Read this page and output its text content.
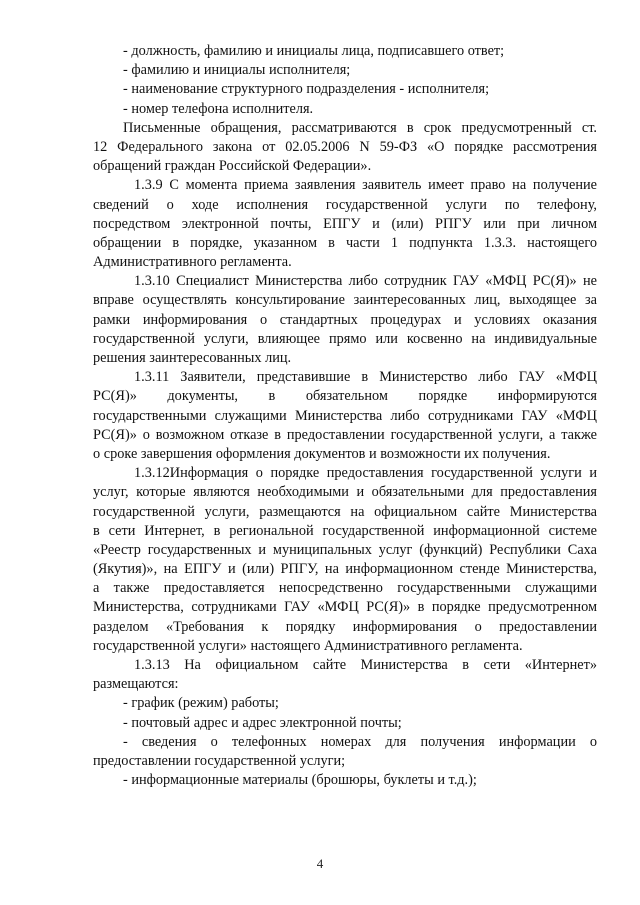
- должность, фамилию и инициалы лица, подписавшего ответ;
- фамилию и инициалы исполнителя;
- наименование структурного подразделения - исполнителя;
- номер телефона исполнителя.
Письменные обращения, рассматриваются в срок предусмотренный ст.
12 Федерального закона от 02.05.2006 N 59-ФЗ «О порядке рассмотрения
обращений граждан Российской Федерации».
1.3.9 С момента приема заявления заявитель имеет право на получение
сведений о ходе исполнения государственной услуги по телефону,
посредством электронной почты, ЕПГУ и (или) РПГУ или при личном
обращении в порядке, указанном в части 1 подпункта 1.3.3. настоящего
Административного регламента.
1.3.10 Специалист Министерства либо сотрудник ГАУ «МФЦ РС(Я)» не
вправе осуществлять консультирование заинтересованных лиц, выходящее за
рамки информирования о стандартных процедурах и условиях оказания
государственной услуги, влияющее прямо или косвенно на индивидуальные
решения заинтересованных лиц.
1.3.11 Заявители, представившие в Министерство либо ГАУ «МФЦ
РС(Я)» документы, в обязательном порядке информируются
государственными служащими Министерства либо сотрудниками ГАУ «МФЦ
РС(Я)» о возможном отказе в предоставлении государственной услуги, а также
о сроке завершения оформления документов и возможности их получения.
1.3.12Информация о порядке предоставления государственной услуги и
услуг, которые являются необходимыми и обязательными для предоставления
государственной услуги, размещаются на официальном сайте Министерства
в сети Интернет, в региональной государственной информационной системе
«Реестр государственных и муниципальных услуг (функций) Республики Саха
(Якутия)», на ЕПГУ и (или) РПГУ, на информационном стенде Министерства,
а также предоставляется непосредственно государственными служащими
Министерства, сотрудниками ГАУ «МФЦ РС(Я)» в порядке предусмотренном
разделом «Требования к порядку информирования о предоставлении
государственной услуги» настоящего Административного регламента.
1.3.13 На официальном сайте Министерства в сети «Интернет»
размещаются:
- график (режим) работы;
- почтовый адрес и адрес электронной почты;
- сведения о телефонных номерах для получения информации о
предоставлении государственной услуги;
- информационные материалы (брошюры, буклеты и т.д.);
4
